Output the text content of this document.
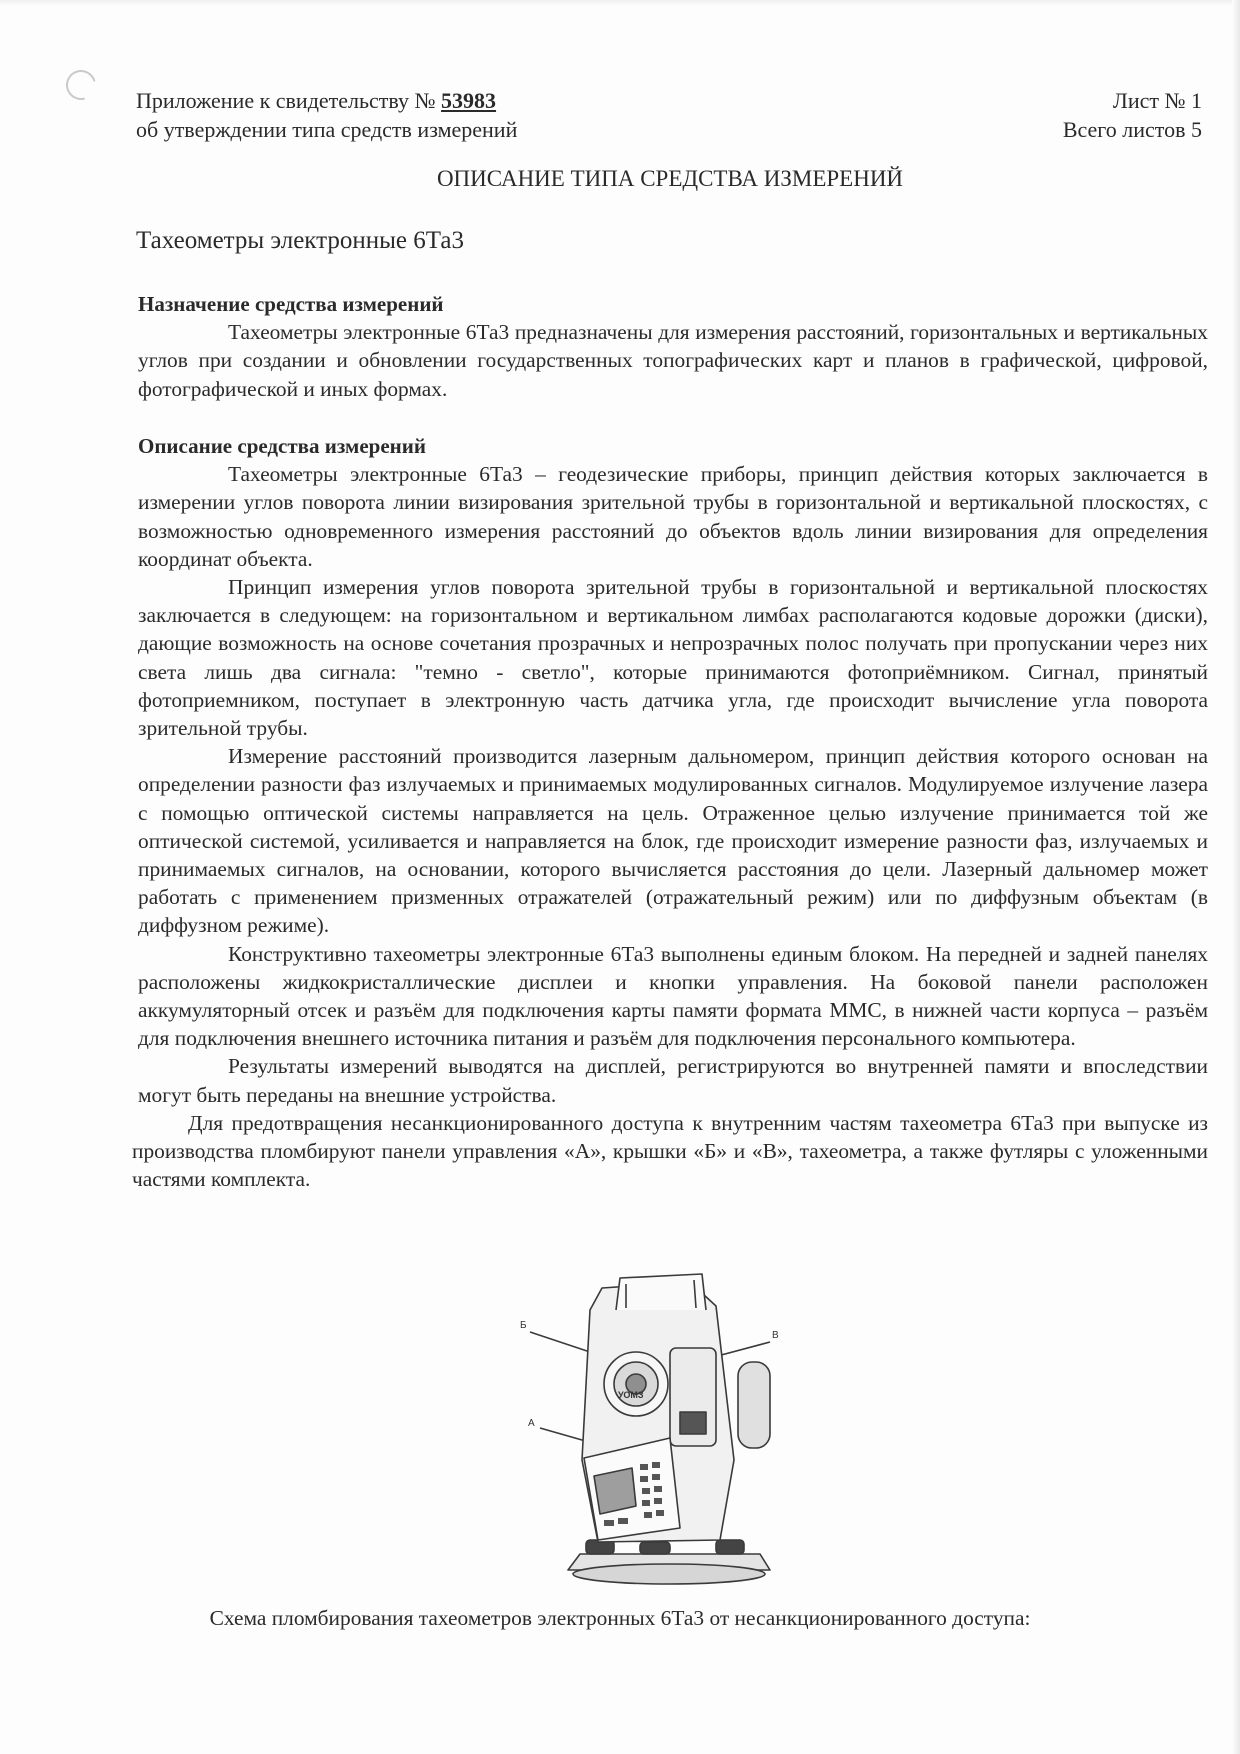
Приложение к свидетельству № 53983
об утверждении типа средств измерений
Лист № 1
Всего листов 5
ОПИСАНИЕ ТИПА СРЕДСТВА ИЗМЕРЕНИЙ
Тахеометры электронные 6Та3

Назначение средства измерений

Тахеометры электронные 6Та3 предназначены для измерения расстояний, горизонтальных и вертикальных углов при создании и обновлении государственных топографических карт и планов в графической, цифровой, фотографической и иных формах.

Описание средства измерений

Тахеометры электронные 6Та3 – геодезические приборы, принцип действия которых заключается в измерении углов поворота линии визирования зрительной трубы в горизонтальной и вертикальной плоскостях, с возможностью одновременного измерения расстояний до объектов вдоль линии визирования для определения координат объекта.

Принцип измерения углов поворота зрительной трубы в горизонтальной и вертикальной плоскостях заключается в следующем: на горизонтальном и вертикальном лимбах располагаются кодовые дорожки (диски), дающие возможность на основе сочетания прозрачных и непрозрачных полос получать при пропускании через них света лишь два сигнала: "темно - светло", которые принимаются фотоприёмником. Сигнал, принятый фотоприемником, поступает в электронную часть датчика угла, где происходит вычисление угла поворота зрительной трубы.

Измерение расстояний производится лазерным дальномером, принцип действия которого основан на определении разности фаз излучаемых и принимаемых модулированных сигналов. Модулируемое излучение лазера с помощью оптической системы направляется на цель. Отраженное целью излучение принимается той же оптической системой, усиливается и направляется на блок, где происходит измерение разности фаз, излучаемых и принимаемых сигналов, на основании, которого вычисляется расстояния до цели. Лазерный дальномер может работать с применением призменных отражателей (отражательный режим) или по диффузным объектам (в диффузном режиме).

Конструктивно тахеометры электронные 6Та3 выполнены единым блоком. На передней и задней панелях расположены жидкокристаллические дисплеи и кнопки управления. На боковой панели расположен аккумуляторный отсек и разъём для подключения карты памяти формата MMC, в нижней части корпуса – разъём для подключения внешнего источника питания и разъём для подключения персонального компьютера.

Результаты измерений выводятся на дисплей, регистрируются во внутренней памяти и впоследствии могут быть переданы на внешние устройства.

Для предотвращения несанкционированного доступа к внутренним частям тахеометра 6Та3 при выпуске из производства пломбируют панели управления «А», крышки «Б» и «В», тахеометра, а также футляры с уложенными частями комплекта.

Б
В
А
УОМЗ
Схема пломбирования тахеометров электронных 6Та3 от несанкционированного доступа:
